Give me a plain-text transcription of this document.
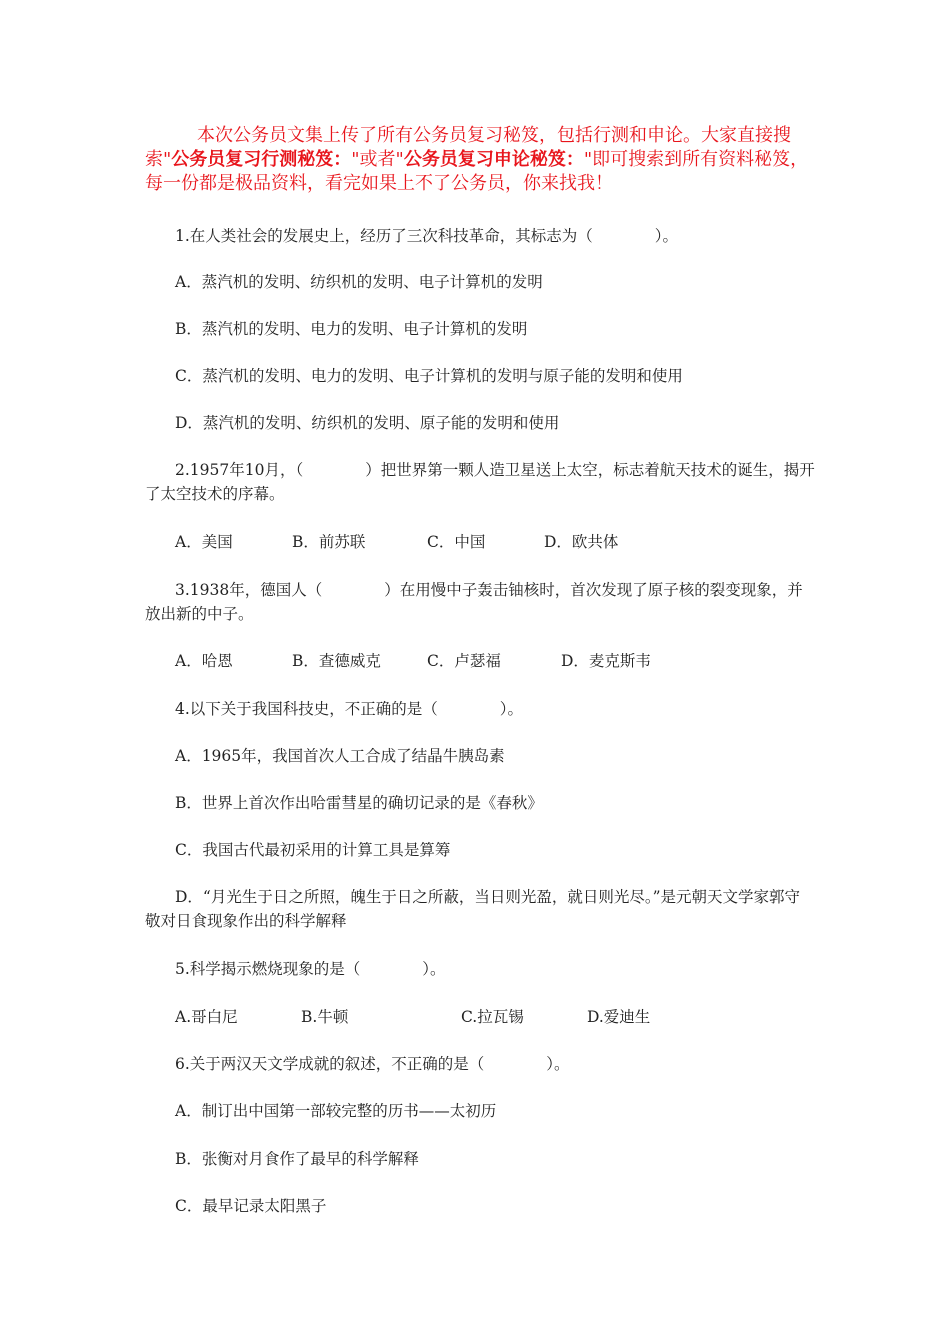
本次公务员文集上传了所有公务员复习秘笈，包括行测和申论。大家直接搜索"公务员复习行测秘笈："或者"公务员复习申论秘笈："即可搜索到所有资料秘笈，每一份都是极品资料，看完如果上不了公务员，你来找我！
1.在人类社会的发展史上，经历了三次科技革命，其标志为（　　　　）。
A．蒸汽机的发明、纺织机的发明、电子计算机的发明
B．蒸汽机的发明、电力的发明、电子计算机的发明
C．蒸汽机的发明、电力的发明、电子计算机的发明与原子能的发明和使用
D．蒸汽机的发明、纺织机的发明、原子能的发明和使用
2.1957年10月，（　　　　）把世界第一颗人造卫星送上太空，标志着航天技术的诞生，揭开了太空技术的序幕。
A．美国	B．前苏联	C．中国	D．欧共体
3.1938年，德国人（　　　　）在用慢中子轰击铀核时，首次发现了原子核的裂变现象，并放出新的中子。
A．哈恩	B．查德威克	C．卢瑟福	D．麦克斯韦
4.以下关于我国科技史，不正确的是（　　　　）。
A．1965年，我国首次人工合成了结晶牛胰岛素
B．世界上首次作出哈雷彗星的确切记录的是《春秋》
C．我国古代最初采用的计算工具是算筹
D．“月光生于日之所照，魄生于日之所蔽，当日则光盈，就日则光尽。”是元朝天文学家郭守敬对日食现象作出的科学解释
5.科学揭示燃烧现象的是（　　　　）。
A.哥白尼	B.牛顿	C.拉瓦锡	D.爱迪生
6.关于两汉天文学成就的叙述，不正确的是（　　　　）。
A．制订出中国第一部较完整的历书——太初历
B．张衡对月食作了最早的科学解释
C．最早记录太阳黑子
